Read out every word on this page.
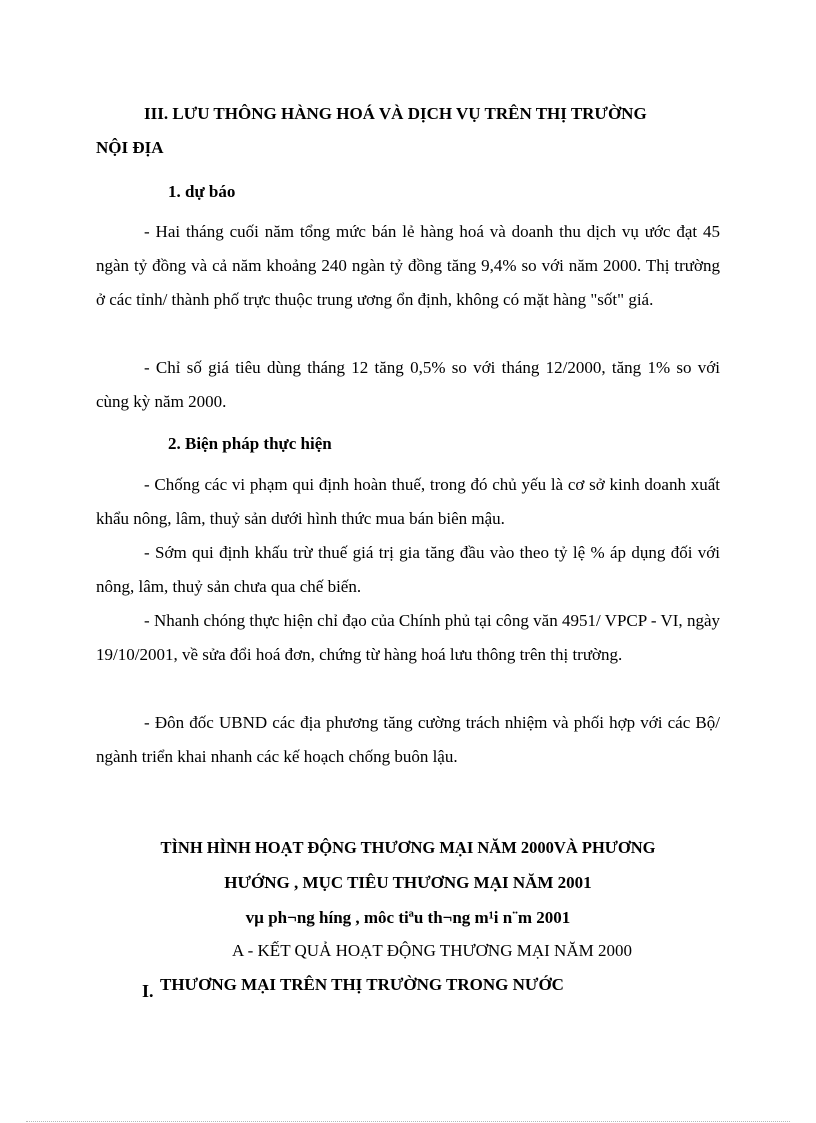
III. LƯU THÔNG HÀNG HOÁ VÀ DỊCH VỤ TRÊN THỊ TRƯỜNG

NỘI ĐỊA

1. dự báo

- Hai tháng cuối năm tổng mức bán lẻ hàng hoá và doanh thu dịch vụ ước đạt 45 ngàn tỷ đồng và cả năm khoảng 240 ngàn tỷ đồng tăng 9,4% so với năm 2000. Thị trường ở các tỉnh/ thành phố trực thuộc trung ương ổn định, không có mặt hàng "sốt" giá.

- Chỉ số giá tiêu dùng tháng 12 tăng 0,5% so với tháng 12/2000, tăng 1% so với cùng kỳ năm 2000.

2. Biện pháp thực hiện

- Chống các vi phạm qui định hoàn thuế, trong đó chủ yếu là cơ sở kinh doanh xuất khẩu nông, lâm, thuỷ sản dưới hình thức mua bán biên mậu.

- Sớm qui định khấu trừ thuế giá trị gia tăng đầu vào theo tỷ lệ % áp dụng đối với nông, lâm, thuỷ sản chưa qua chế biến.

- Nhanh chóng thực hiện chỉ đạo của Chính phủ tại công văn 4951/ VPCP - VI, ngày 19/10/2001, về sửa đổi hoá đơn, chứng từ hàng hoá lưu thông trên thị trường.

- Đôn đốc UBND các địa phương tăng cường trách nhiệm và phối hợp với các Bộ/ ngành triển khai nhanh các kế hoạch chống buôn lậu.

TÌNH HÌNH HOẠT ĐỘNG THƯƠNG MẠI NĂM 2000VÀ PHƯƠNG

HƯỚNG , MỤC TIÊU THƯƠNG MẠI NĂM 2001

vµ ph¬ng híng , môc tiªu th¬ng m¹i n¨m 2001

A - KẾT QUẢ HOẠT ĐỘNG THƯƠNG MẠI NĂM 2000

I. THƯƠNG MẠI TRÊN THỊ TRƯỜNG TRONG NƯỚC
